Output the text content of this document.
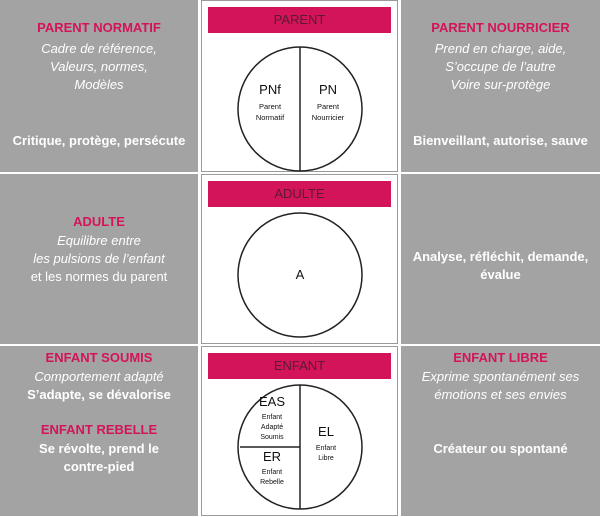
PARENT NORMATIF
Cadre de référence,
Valeurs, normes,
Modèles
Critique, protège, persécute
PARENT
PNf
Parent
Normatif
PN
Parent
Nourricier
PARENT NOURRICIER
Prend en charge, aide,
S’occupe de l’autre
Voire sur-protège
Bienveillant, autorise, sauve
ADULTE
Equilibre entre
les pulsions de l’enfant
et les normes du parent
ADULTE
A
Analyse, réfléchit, demande,
évalue
ENFANT SOUMIS
Comportement adapté
S’adapte, se dévalorise
ENFANT REBELLE
Se révolte, prend le
contre-pied
ENFANT
EAS
Enfant
Adapté
Soumis
ER
Enfant
Rebelle
EL
Enfant
Libre
ENFANT LIBRE
Exprime spontanément ses
émotions et ses envies
Créateur ou spontané
